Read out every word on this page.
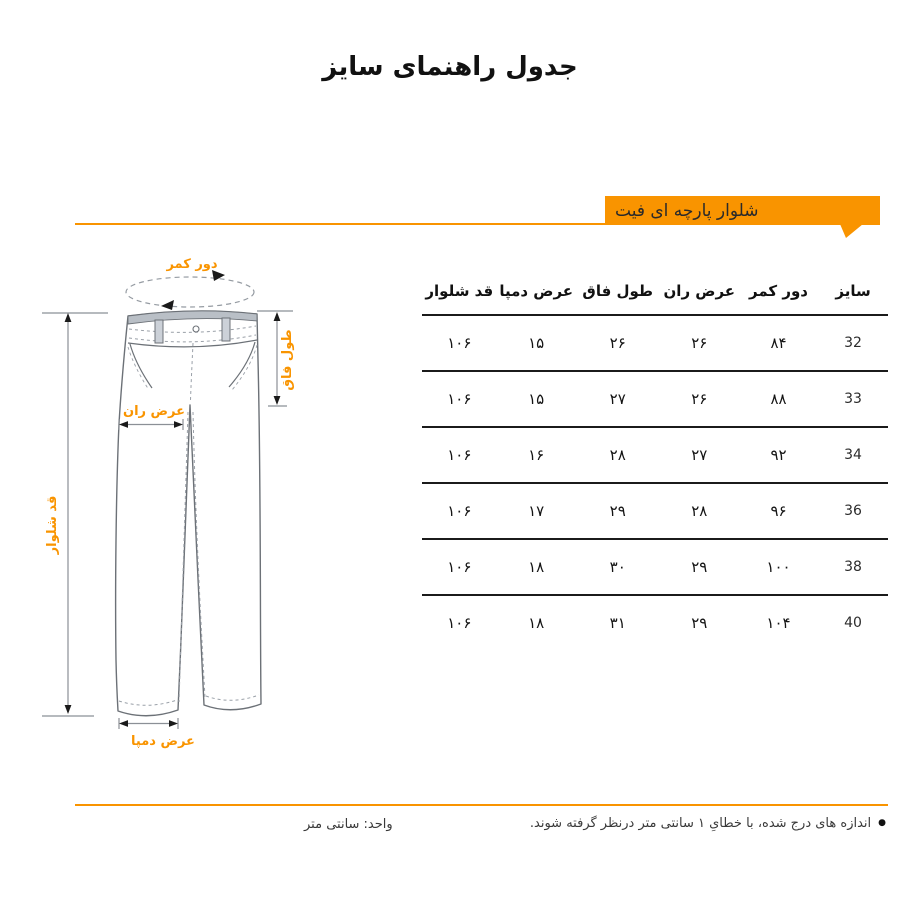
جدول راهنمای سایز
شلوار پارچه ای فیت
دور کمر
قد شلوار
طول فاق
عرض ران
عرض دمپا
سایز	دور کمر	عرض ران	طول فاق	عرض دمپا	قد شلوار
32	۸۴	۲۶	۲۶	۱۵	۱۰۶
33	۸۸	۲۶	۲۷	۱۵	۱۰۶
34	۹۲	۲۷	۲۸	۱۶	۱۰۶
36	۹۶	۲۸	۲۹	۱۷	۱۰۶
38	۱۰۰	۲۹	۳۰	۱۸	۱۰۶
40	۱۰۴	۲۹	۳۱	۱۸	۱۰۶
●
اندازه های درج شده، با خطایِ ۱ سانتی متر درنظر گرفته شوند.
واحد: سانتی متر
